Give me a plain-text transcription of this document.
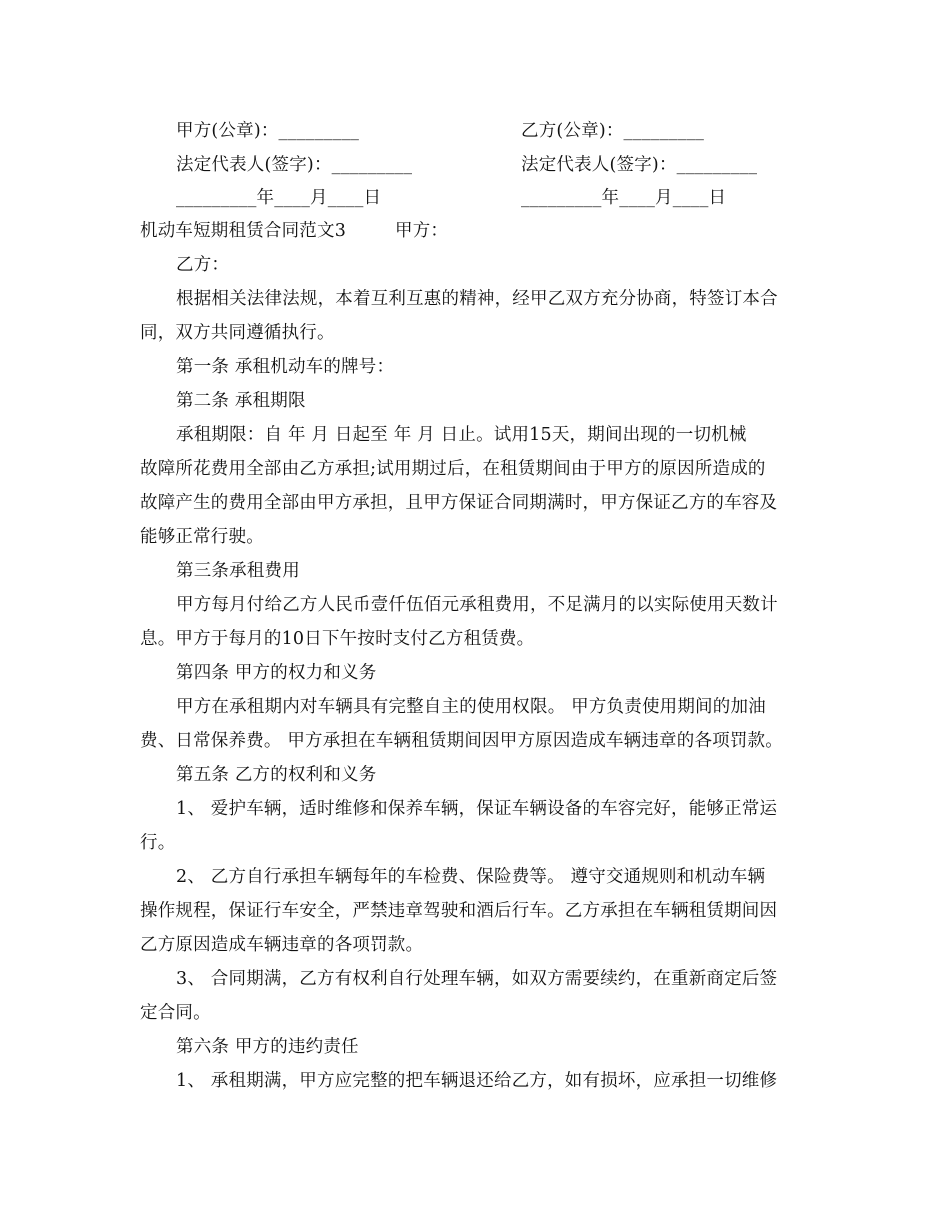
甲方(公章)：_________	乙方(公章)：_________
法定代表人(签字)：_________	法定代表人(签字)：_________
_________年____月____日	_________年____月____日
机动车短期租赁合同范文3	甲方：
乙方：
根据相关法律法规，本着互利互惠的精神，经甲乙双方充分协商，特签订本合
同，双方共同遵循执行。
第一条 承租机动车的牌号：
第二条 承租期限
承租期限：自 年 月 日起至 年 月 日止。试用15天，期间出现的一切机械
故障所花费用全部由乙方承担;试用期过后，在租赁期间由于甲方的原因所造成的
故障产生的费用全部由甲方承担，且甲方保证合同期满时，甲方保证乙方的车容及
能够正常行驶。
第三条承租费用
甲方每月付给乙方人民币壹仟伍佰元承租费用，不足满月的以实际使用天数计
息。甲方于每月的10日下午按时支付乙方租赁费。
第四条 甲方的权力和义务
甲方在承租期内对车辆具有完整自主的使用权限。 甲方负责使用期间的加油
费、日常保养费。 甲方承担在车辆租赁期间因甲方原因造成车辆违章的各项罚款。
第五条 乙方的权利和义务
1、 爱护车辆，适时维修和保养车辆，保证车辆设备的车容完好，能够正常运
行。
2、 乙方自行承担车辆每年的车检费、保险费等。 遵守交通规则和机动车辆
操作规程，保证行车安全，严禁违章驾驶和酒后行车。乙方承担在车辆租赁期间因
乙方原因造成车辆违章的各项罚款。
3、 合同期满，乙方有权利自行处理车辆，如双方需要续约，在重新商定后签
定合同。
第六条 甲方的违约责任
1、 承租期满，甲方应完整的把车辆退还给乙方，如有损坏，应承担一切维修
